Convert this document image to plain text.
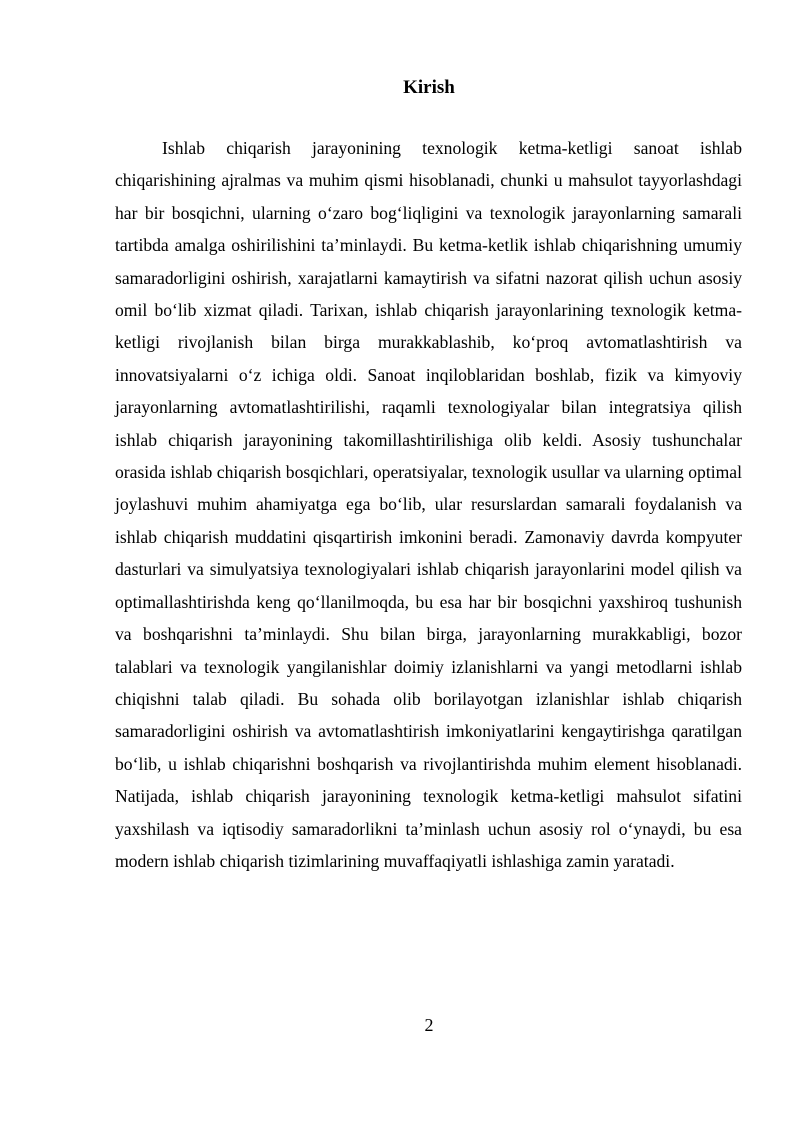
Kirish

Ishlab chiqarish jarayonining texnologik ketma-ketligi sanoat ishlab chiqarishining ajralmas va muhim qismi hisoblanadi, chunki u mahsulot tayyorlashdagi har bir bosqichni, ularning o‘zaro bog‘liqligini va texnologik jarayonlarning samarali tartibda amalga oshirilishini ta’minlaydi. Bu ketma-ketlik ishlab chiqarishning umumiy samaradorligini oshirish, xarajatlarni kamaytirish va sifatni nazorat qilish uchun asosiy omil bo‘lib xizmat qiladi. Tarixan, ishlab chiqarish jarayonlarining texnologik ketma-ketligi rivojlanish bilan birga murakkablashib, ko‘proq avtomatlashtirish va innovatsiyalarni o‘z ichiga oldi. Sanoat inqiloblaridan boshlab, fizik va kimyoviy jarayonlarning avtomatlashtirilishi, raqamli texnologiyalar bilan integratsiya qilish ishlab chiqarish jarayonining takomillashtirilishiga olib keldi. Asosiy tushunchalar orasida ishlab chiqarish bosqichlari, operatsiyalar, texnologik usullar va ularning optimal joylashuvi muhim ahamiyatga ega bo‘lib, ular resurslardan samarali foydalanish va ishlab chiqarish muddatini qisqartirish imkonini beradi. Zamonaviy davrda kompyuter dasturlari va simulyatsiya texnologiyalari ishlab chiqarish jarayonlarini model qilish va optimallashtirishda keng qo‘llanilmoqda, bu esa har bir bosqichni yaxshiroq tushunish va boshqarishni ta’minlaydi. Shu bilan birga, jarayonlarning murakkabligi, bozor talablari va texnologik yangilanishlar doimiy izlanishlarni va yangi metodlarni ishlab chiqishni talab qiladi. Bu sohada olib borilayotgan izlanishlar ishlab chiqarish samaradorligini oshirish va avtomatlashtirish imkoniyatlarini kengaytirishga qaratilgan bo‘lib, u ishlab chiqarishni boshqarish va rivojlantirishda muhim element hisoblanadi. Natijada, ishlab chiqarish jarayonining texnologik ketma-ketligi mahsulot sifatini yaxshilash va iqtisodiy samaradorlikni ta’minlash uchun asosiy rol o‘ynaydi, bu esa modern ishlab chiqarish tizimlarining muvaffaqiyatli ishlashiga zamin yaratadi.

2
